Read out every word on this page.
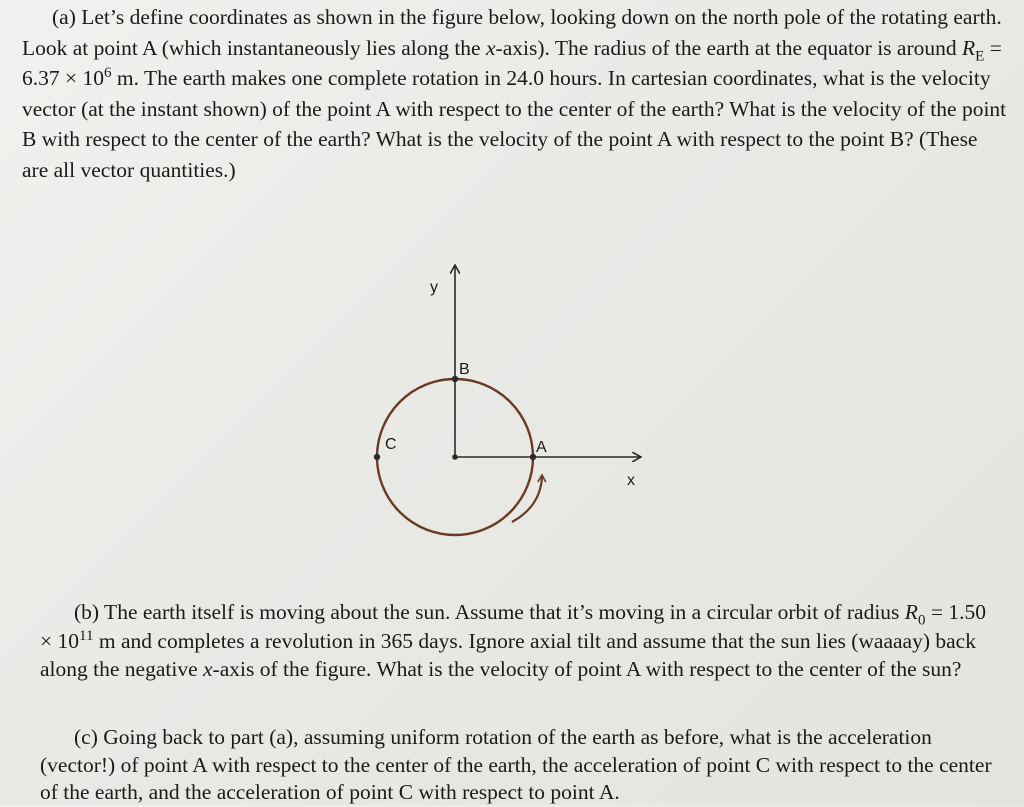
(a) Let’s define coordinates as shown in the figure below, looking down on the north pole of the rotating earth. Look at point A (which instantaneously lies along the x-axis). The radius of the earth at the equator is around $R_E = 6.37 \times 10^6$ m. The earth makes one complete rotation in 24.0 hours. In cartesian coordinates, what is the velocity vector (at the instant shown) of the point A with respect to the center of the earth? What is the velocity of the point B with respect to the center of the earth? What is the velocity of the point A with respect to the point B? (These are all vector quantities.)

y
x
B
C	A

(b) The earth itself is moving about the sun. Assume that it’s moving in a circular orbit of radius $R_0 = 1.50 \times 10^{11}$ m and completes a revolution in 365 days. Ignore axial tilt and assume that the sun lies (waaaay) back along the negative x-axis of the figure. What is the velocity of point A with respect to the center of the sun?

(c) Going back to part (a), assuming uniform rotation of the earth as before, what is the acceleration (vector!) of point A with respect to the center of the earth, the acceleration of point C with respect to the center of the earth, and the acceleration of point C with respect to point A.
